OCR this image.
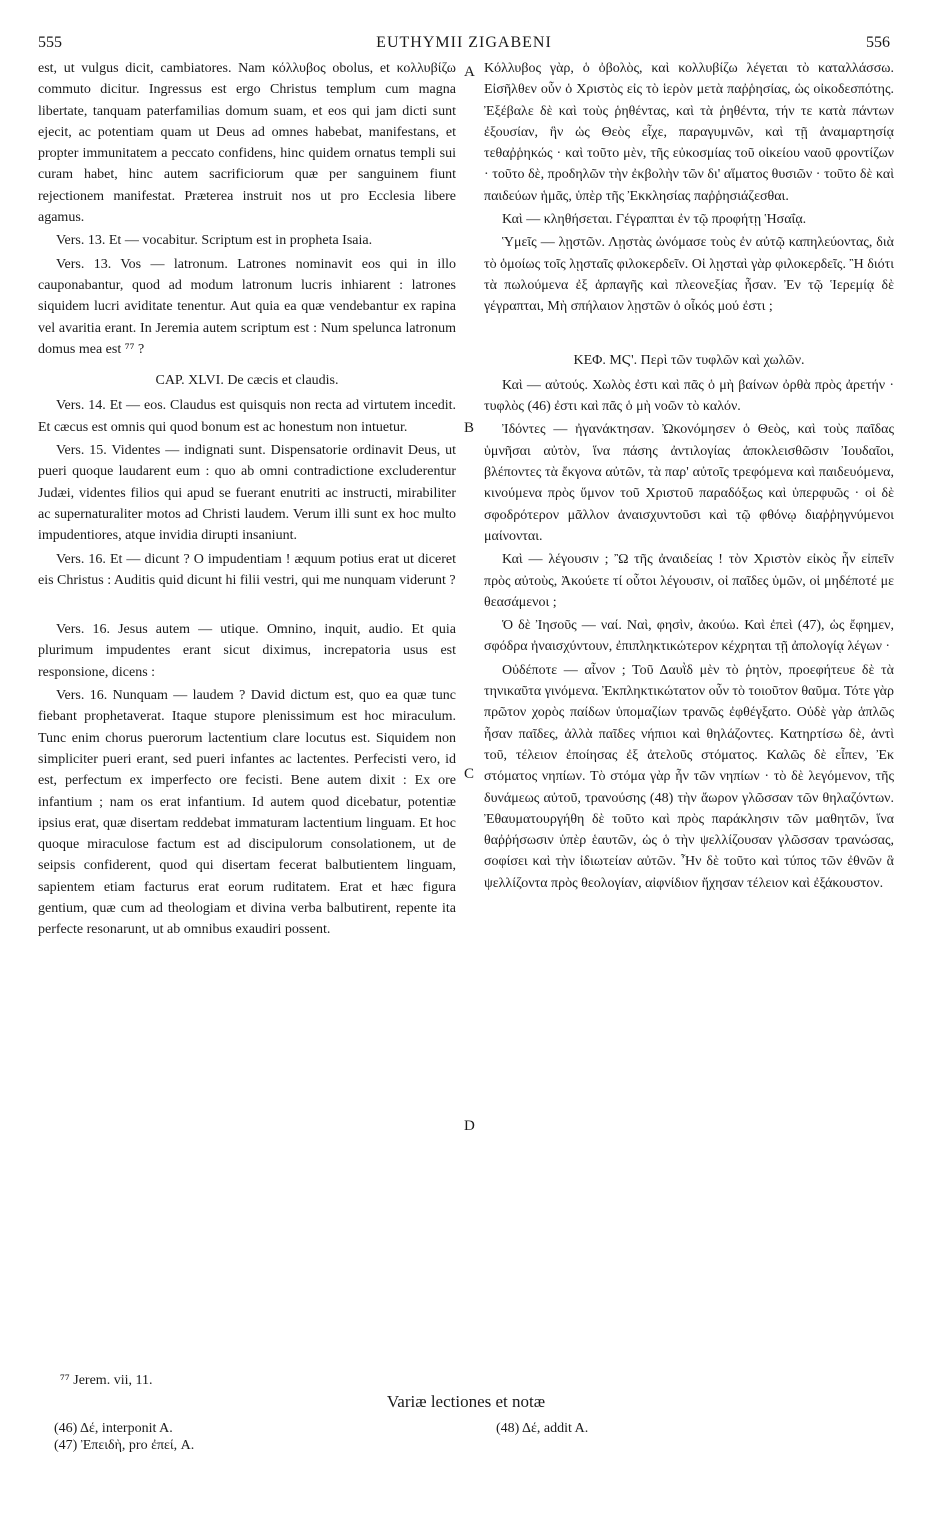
555	EUTHYMII ZIGABENI	556

est, ut vulgus dicit, cambiatores. Nam κόλλυβος obolus, et κολλυβίζω commuto dicitur. Ingressus est ergo Christus templum cum magna libertate, tanquam paterfamilias domum suam, et eos qui jam dicti sunt ejecit, ac potentiam quam ut Deus ad omnes habebat, manifestans, et propter immunitatem a peccato confidens, hinc quidem ornatus templi sui curam habet, hinc autem sacrificiorum quæ per sanguinem fiunt rejectionem manifestat. Præterea instruit nos ut pro Ecclesia libere agamus.

Vers. 13. Et — vocabitur. Scriptum est in propheta Isaia.

Vers. 13. Vos — latronum. Latrones nominavit eos qui in illo cauponabantur, quod ad modum latronum lucris inhiarent : latrones siquidem lucri aviditate tenentur. Aut quia ea quæ vendebantur ex rapina vel avaritia erant. In Jeremia autem scriptum est : Num spelunca latronum domus mea est ⁷⁷ ?

CAP. XLVI. De cæcis et claudis.

Vers. 14. Et — eos. Claudus est quisquis non recta ad virtutem incedit. Et cæcus est omnis qui quod bonum est ac honestum non intuetur.

Vers. 15. Videntes — indignati sunt. Dispensatorie ordinavit Deus, ut pueri quoque laudarent eum : quo ab omni contradictione excluderentur Judæi, videntes filios qui apud se fuerant enutriti ac instructi, mirabiliter ac supernaturaliter motos ad Christi laudem. Verum illi sunt ex hoc multo impudentiores, atque invidia dirupti insaniunt.

Vers. 16. Et — dicunt ? O impudentiam ! æquum potius erat ut diceret eis Christus : Auditis quid dicunt hi filii vestri, qui me nunquam viderunt ?

Vers. 16. Jesus autem — utique. Omnino, inquit, audio. Et quia plurimum impudentes erant sicut diximus, increpatoria usus est responsione, dicens :

Vers. 16. Nunquam — laudem ? David dictum est, quo ea quæ tunc fiebant prophetaverat. Itaque stupore plenissimum est hoc miraculum. Tunc enim chorus puerorum lactentium clare locutus est. Siquidem non simpliciter pueri erant, sed pueri infantes ac lactentes. Perfecisti vero, id est, perfectum ex imperfecto ore fecisti. Bene autem dixit : Ex ore infantium ; nam os erat infantium. Id autem quod dicebatur, potentiæ ipsius erat, quæ disertam reddebat immaturam lactentium linguam. Et hoc quoque miraculose factum est ad discipulorum consolationem, ut de seipsis confiderent, quod qui disertam fecerat balbutientem linguam, sapientem etiam facturus erat eorum ruditatem. Erat et hæc figura gentium, quæ cum ad theologiam et divina verba balbutirent, repente ita perfecte resonarunt, ut ab omnibus exaudiri possent.

Κόλλυβος γὰρ, ὁ ὀβολὸς, καὶ κολλυβίζω λέγεται τὸ καταλλάσσω. Εἰσῆλθεν οὖν ὁ Χριστὸς εἰς τὸ ἱερὸν μετὰ παῤῥησίας, ὡς οἰκοδεσπότης. Ἐξέβαλε δὲ καὶ τοὺς ῥηθέντας, καὶ τὰ ῥηθέντα, τήν τε κατὰ πάντων ἐξουσίαν, ἣν ὡς Θεὸς εἶχε, παραγυμνῶν, καὶ τῇ ἀναμαρτησίᾳ τεθαῤῥηκώς · καὶ τοῦτο μὲν, τῆς εὐκοσμίας τοῦ οἰκείου ναοῦ φροντίζων · τοῦτο δὲ, προδηλῶν τὴν ἐκβολὴν τῶν δι' αἵματος θυσιῶν · τοῦτο δὲ καὶ παιδεύων ἡμᾶς, ὑπὲρ τῆς Ἐκκλησίας παῤῥησιάζεσθαι.

Καὶ — κληθήσεται. Γέγραπται ἐν τῷ προφήτῃ Ἡσαΐᾳ.

Ὑμεῖς — λῃστῶν. Λῃστὰς ὠνόμασε τοὺς ἐν αὐτῷ καπηλεύοντας, διὰ τὸ ὁμοίως τοῖς λῃσταῖς φιλοκερδεῖν. Οἱ λῃσταὶ γὰρ φιλοκερδεῖς. Ἢ διότι τὰ πωλούμενα ἐξ ἁρπαγῆς καὶ πλεονεξίας ἦσαν. Ἐν τῷ Ἱερεμίᾳ δὲ γέγραπται, Μὴ σπήλαιον λῃστῶν ὁ οἶκός μού ἐστι ;

ΚΕΦ. ΜϚ'. Περὶ τῶν τυφλῶν καὶ χωλῶν.

Καὶ — αὐτούς. Χωλὸς ἐστι καὶ πᾶς ὁ μὴ βαίνων ὀρθὰ πρὸς ἀρετήν · τυφλὸς (46) ἐστι καὶ πᾶς ὁ μὴ νοῶν τὸ καλόν.

Ἰδόντες — ἠγανάκτησαν. Ὠκονόμησεν ὁ Θεὸς, καὶ τοὺς παῖδας ὑμνῆσαι αὐτὸν, ἵνα πάσης ἀντιλογίας ἀποκλεισθῶσιν Ἰουδαῖοι, βλέποντες τὰ ἔκγονα αὐτῶν, τὰ παρ' αὐτοῖς τρεφόμενα καὶ παιδευόμενα, κινούμενα πρὸς ὕμνον τοῦ Χριστοῦ παραδόξως καὶ ὑπερφυῶς · οἱ δὲ σφοδρότερον μᾶλλον ἀναισχυντοῦσι καὶ τῷ φθόνῳ διαῤῥηγνύμενοι μαίνονται.

Καὶ — λέγουσιν ; Ὢ τῆς ἀναιδείας ! τὸν Χριστὸν εἰκὸς ἦν εἰπεῖν πρὸς αὐτοὺς, Ἀκούετε τί οὗτοι λέγουσιν, οἱ παῖδες ὑμῶν, οἱ μηδέποτέ με θεασάμενοι ;

Ὁ δὲ Ἰησοῦς — ναί. Ναὶ, φησὶν, ἀκούω. Καὶ ἐπεὶ (47), ὡς ἔφημεν, σφόδρα ἠναισχύντουν, ἐπιπληκτικώτερον κέχρηται τῇ ἀπολογίᾳ λέγων ·

Οὐδέποτε — αἶνον ; Τοῦ Δαυῒδ μὲν τὸ ῥητὸν, προεφήτευε δὲ τὰ τηνικαῦτα γινόμενα. Ἐκπληκτικώτατον οὖν τὸ τοιοῦτον θαῦμα. Τότε γὰρ πρῶτον χορὸς παίδων ὑπομαζίων τρανῶς ἐφθέγξατο. Οὐδὲ γὰρ ἁπλῶς ἦσαν παῖδες, ἀλλὰ παῖδες νήπιοι καὶ θηλάζοντες. Κατηρτίσω δὲ, ἀντὶ τοῦ, τέλειον ἐποίησας ἐξ ἀτελοῦς στόματος. Καλῶς δὲ εἶπεν, Ἐκ στόματος νηπίων. Τὸ στόμα γὰρ ἦν τῶν νηπίων · τὸ δὲ λεγόμενον, τῆς δυνάμεως αὐτοῦ, τρανούσης (48) τὴν ἄωρον γλῶσσαν τῶν θηλαζόντων. Ἐθαυματουργήθη δὲ τοῦτο καὶ πρὸς παράκλησιν τῶν μαθητῶν, ἵνα θαῤῥήσωσιν ὑπὲρ ἑαυτῶν, ὡς ὁ τὴν ψελλίζουσαν γλῶσσαν τρανώσας, σοφίσει καὶ τὴν ἰδιωτείαν αὐτῶν. Ἦν δὲ τοῦτο καὶ τύπος τῶν ἐθνῶν ἃ ψελλίζοντα πρὸς θεολογίαν, αἰφνίδιον ἤχησαν τέλειον καὶ ἐξάκουστον.

A
B
C
D
⁷⁷ Jerem. vii, 11.
Variæ lectiones et notæ
(46) Δέ, interponit A.
(47) Ἐπειδὴ, pro ἐπεί, A.
(48) Δέ, addit A.
